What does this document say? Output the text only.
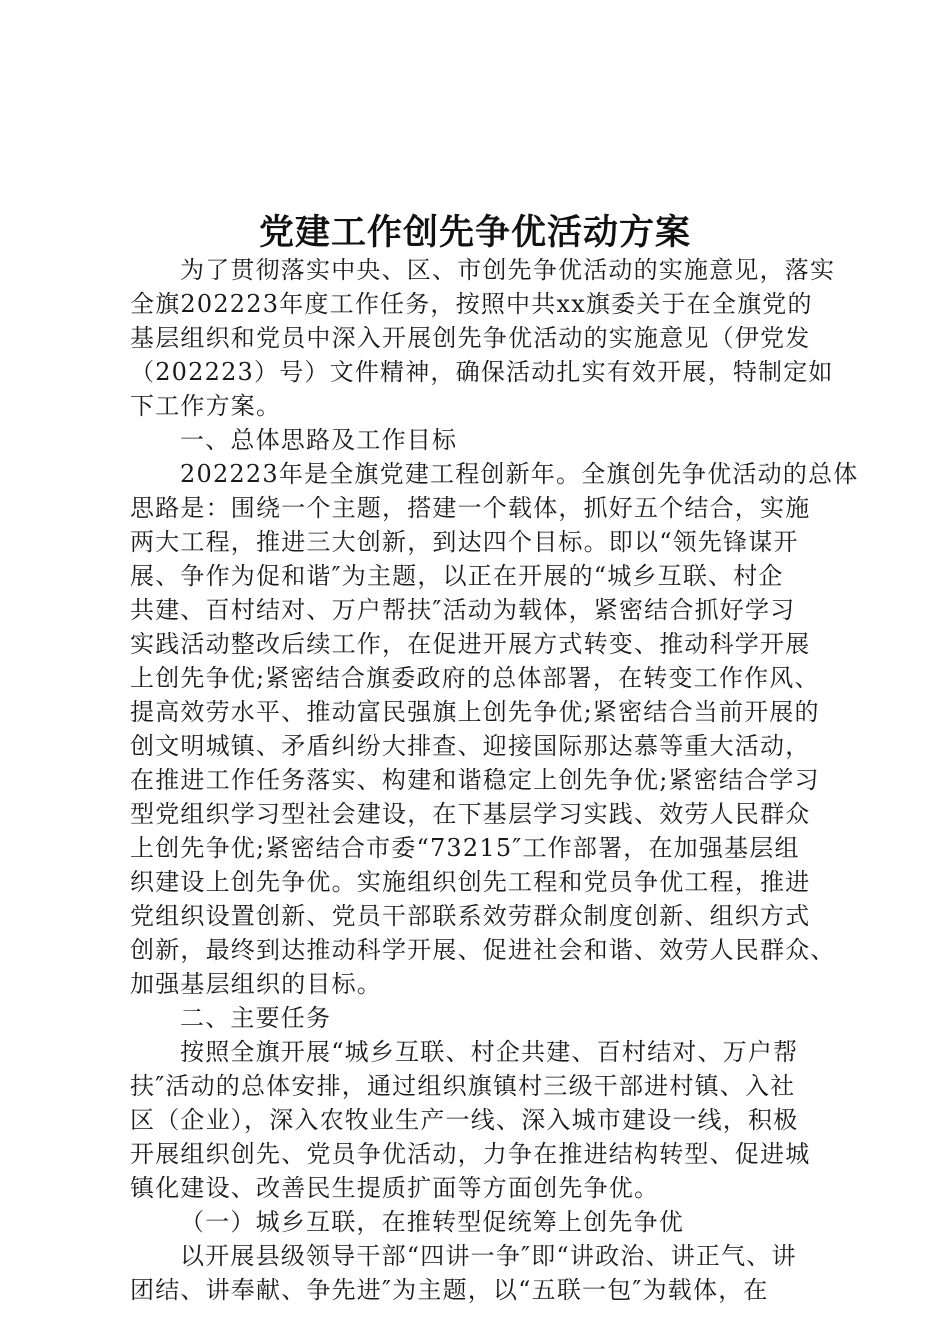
党建工作创先争优活动方案
为了贯彻落实中央、区、市创先争优活动的实施意见，落实
全旗202223年度工作任务，按照中共xx旗委关于在全旗党的
基层组织和党员中深入开展创先争优活动的实施意见（伊党发
（202223）号）文件精神，确保活动扎实有效开展，特制定如
下工作方案。
一、总体思路及工作目标
202223年是全旗党建工程创新年。全旗创先争优活动的总体
思路是：围绕一个主题，搭建一个载体，抓好五个结合，实施
两大工程，推进三大创新，到达四个目标。即以“领先锋谋开
展、争作为促和谐″为主题，以正在开展的“城乡互联、村企
共建、百村结对、万户帮扶″活动为载体，紧密结合抓好学习
实践活动整改后续工作，在促进开展方式转变、推动科学开展
上创先争优;紧密结合旗委政府的总体部署，在转变工作作风、
提高效劳水平、推动富民强旗上创先争优;紧密结合当前开展的
创文明城镇、矛盾纠纷大排查、迎接国际那达慕等重大活动，
在推进工作任务落实、构建和谐稳定上创先争优;紧密结合学习
型党组织学习型社会建设，在下基层学习实践、效劳人民群众
上创先争优;紧密结合市委“73215″工作部署，在加强基层组
织建设上创先争优。实施组织创先工程和党员争优工程，推进
党组织设置创新、党员干部联系效劳群众制度创新、组织方式
创新，最终到达推动科学开展、促进社会和谐、效劳人民群众、
加强基层组织的目标。
二、主要任务
按照全旗开展“城乡互联、村企共建、百村结对、万户帮
扶″活动的总体安排，通过组织旗镇村三级干部进村镇、入社
区（企业），深入农牧业生产一线、深入城市建设一线，积极
开展组织创先、党员争优活动，力争在推进结构转型、促进城
镇化建设、改善民生提质扩面等方面创先争优。
（一）城乡互联，在推转型促统筹上创先争优
以开展县级领导干部“四讲一争″即“讲政治、讲正气、讲
团结、讲奉献、争先进″为主题，以“五联一包″为载体，在
